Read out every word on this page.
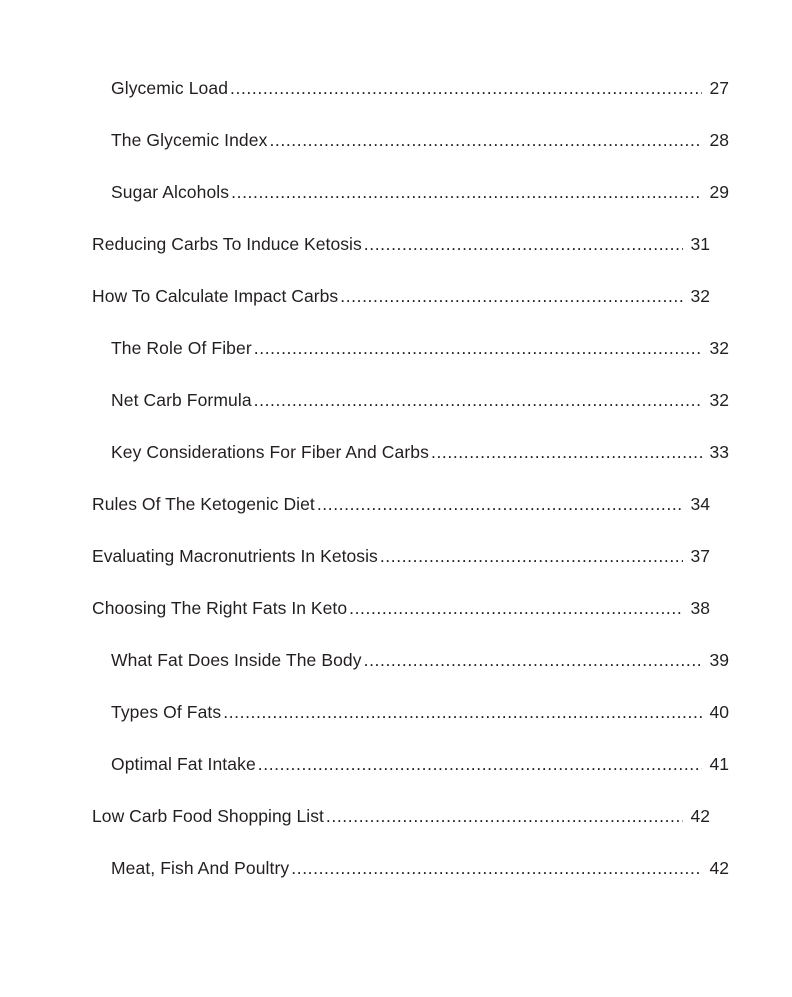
Glycemic Load .....	27
The Glycemic Index .....	28
Sugar Alcohols .....	29
Reducing Carbs To Induce Ketosis .....	31
How To Calculate Impact Carbs .....	32
The Role Of Fiber .....	32
Net Carb Formula .....	32
Key Considerations For Fiber And Carbs .....	33
Rules Of The Ketogenic Diet .....	34
Evaluating Macronutrients In Ketosis .....	37
Choosing The Right Fats In Keto .....	38
What Fat Does Inside The Body .....	39
Types Of Fats .....	40
Optimal Fat Intake .....	41
Low Carb Food Shopping List .....	42
Meat, Fish And Poultry .....	42
